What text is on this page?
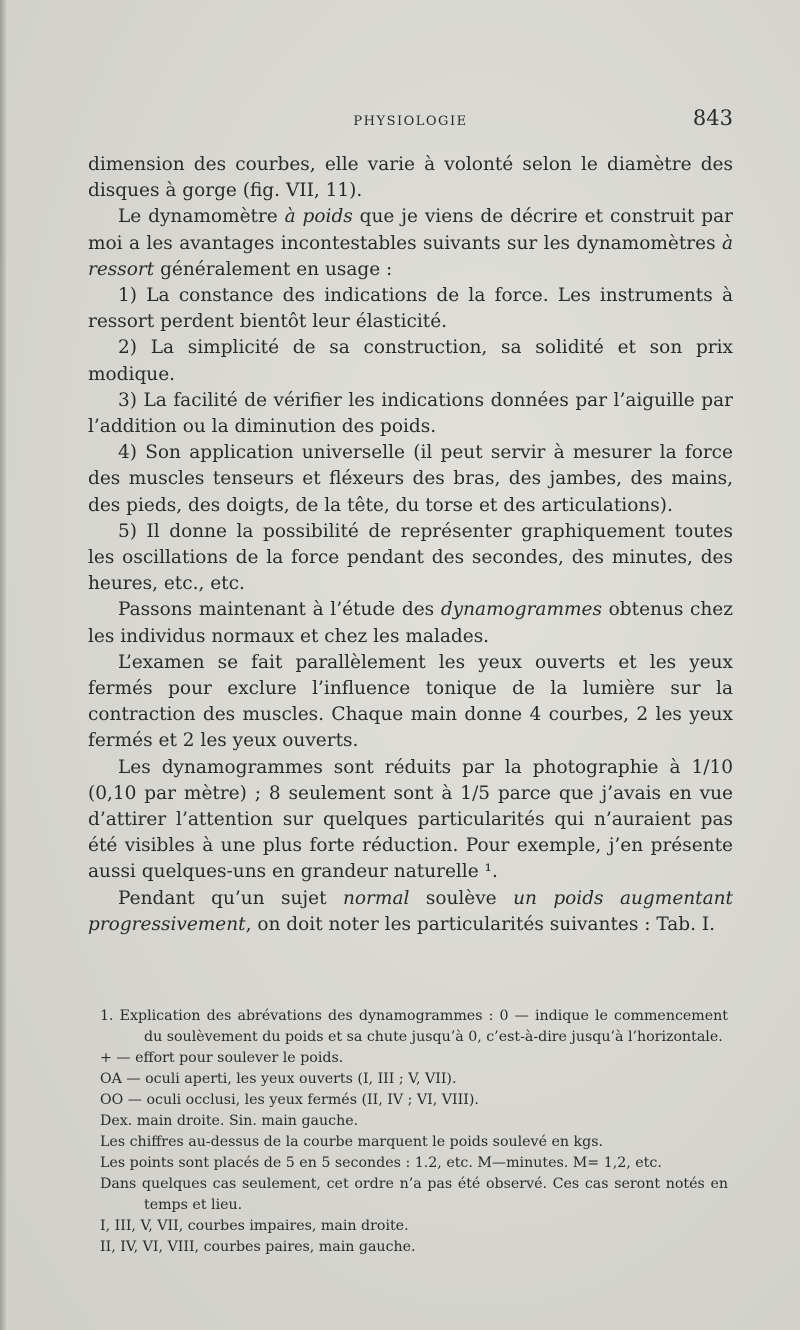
PHYSIOLOGIE	843

dimension des courbes, elle varie à volonté selon le diamètre des disques à gorge (fig. VII, 11).

Le dynamomètre à poids que je viens de décrire et construit par moi a les avantages incontestables suivants sur les dynamomètres à ressort généralement en usage :

1) La constance des indications de la force. Les instruments à ressort perdent bientôt leur élasticité.

2) La simplicité de sa construction, sa solidité et son prix modique.

3) La facilité de vérifier les indications données par l’aiguille par l’addition ou la diminution des poids.

4) Son application universelle (il peut servir à mesurer la force des muscles tenseurs et fléxeurs des bras, des jambes, des mains, des pieds, des doigts, de la tête, du torse et des articulations).

5) Il donne la possibilité de représenter graphiquement toutes les oscillations de la force pendant des secondes, des minutes, des heures, etc., etc.

Passons maintenant à l’étude des dynamogrammes obtenus chez les individus normaux et chez les malades.

L’examen se fait parallèlement les yeux ouverts et les yeux fermés pour exclure l’influence tonique de la lumière sur la contraction des muscles. Chaque main donne 4 courbes, 2 les yeux fermés et 2 les yeux ouverts.

Les dynamogrammes sont réduits par la photographie à 1/10 (0,10 par mètre) ; 8 seulement sont à 1/5 parce que j’avais en vue d’attirer l’attention sur quelques particularités qui n’auraient pas été visibles à une plus forte réduction. Pour exemple, j’en présente aussi quelques-uns en grandeur naturelle ¹.

Pendant qu’un sujet normal soulève un poids augmentant progressivement, on doit noter les particularités suivantes : Tab. I.

1. Explication des abrévations des dynamogrammes : 0 — indique le commencement du soulèvement du poids et sa chute jusqu’à 0, c’est-à-dire jusqu’à l’horizontale.

+ — effort pour soulever le poids.

OA — oculi aperti, les yeux ouverts (I, III ; V, VII).

OO — oculi occlusi, les yeux fermés (II, IV ; VI, VIII).

Dex. main droite. Sin. main gauche.

Les chiffres au-dessus de la courbe marquent le poids soulevé en kgs.

Les points sont placés de 5 en 5 secondes : 1.2, etc. M—minutes. M= 1,2, etc.

Dans quelques cas seulement, cet ordre n’a pas été observé. Ces cas seront notés en temps et lieu.

I, III, V, VII, courbes impaires, main droite.

II, IV, VI, VIII, courbes paires, main gauche.
